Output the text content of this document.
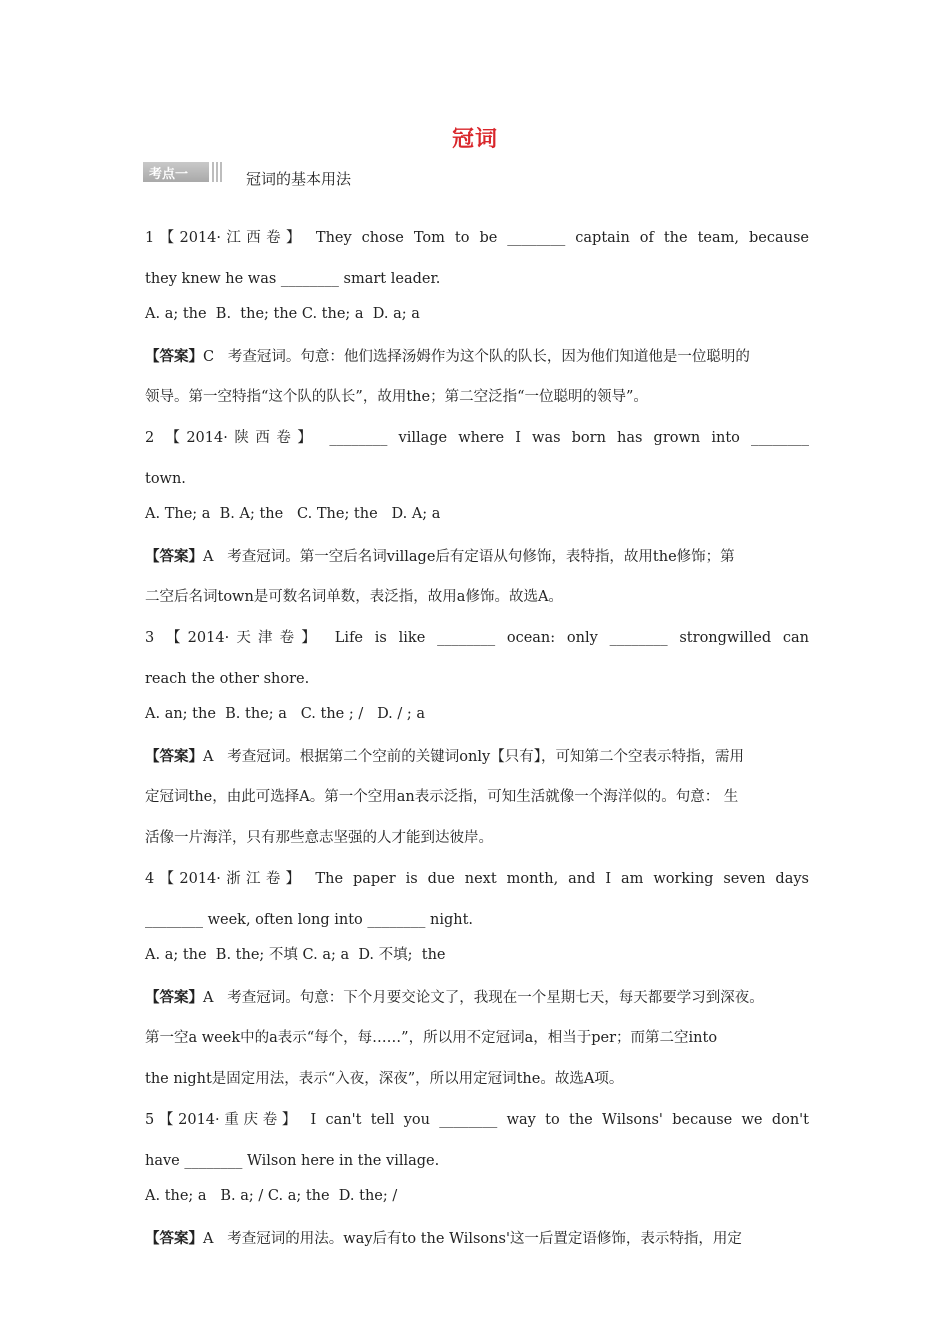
冠词
考点一	冠词的基本用法
1【2014·江西卷】 They chose Tom to be ________ captain of the team, because
they knew he was ________ smart leader.
A. a; the  B.  the; the C. the; a  D. a; a
【答案】C   考查冠词。句意：他们选择汤姆作为这个队的队长，因为他们知道他是一位聪明的
领导。第一空特指“这个队的队长”，故用the；第二空泛指“一位聪明的领导”。
2 【2014·陕西卷】 ________ village where I was born has grown into ________
town.
A. The; a  B. A; the   C. The; the   D. A; a
【答案】A   考查冠词。第一空后名词village后有定语从句修饰，表特指，故用the修饰；第
二空后名词town是可数名词单数，表泛指，故用a修饰。故选A。
3 【2014·天津卷】 Life is like ________ ocean: only ________ strongwilled can
reach the other shore.
A. an; the  B. the; a   C. the ; /   D. / ; a
【答案】A   考查冠词。根据第二个空前的关键词only【只有】，可知第二个空表示特指，需用
定冠词the，由此可选择A。第一个空用an表示泛指，可知生活就像一个海洋似的。句意： 生
活像一片海洋，只有那些意志坚强的人才能到达彼岸。
4【2014·浙江卷】 The paper is due next month, and I am working seven days
________ week, often long into ________ night.
A. a; the  B. the; 不填 C. a; a  D. 不填;  the
【答案】A   考查冠词。句意：下个月要交论文了，我现在一个星期七天，每天都要学习到深夜。
第一空a week中的a表示“每个，每……”，所以用不定冠词a，相当于per；而第二空into
the night是固定用法，表示“入夜，深夜”，所以用定冠词the。故选A项。
5【2014·重庆卷】 I can't tell you ________ way to the Wilsons' because we don't
have ________ Wilson here in the village.
A. the; a   B. a; / C. a; the  D. the; /
【答案】A   考查冠词的用法。way后有to the Wilsons'这一后置定语修饰，表示特指，用定
